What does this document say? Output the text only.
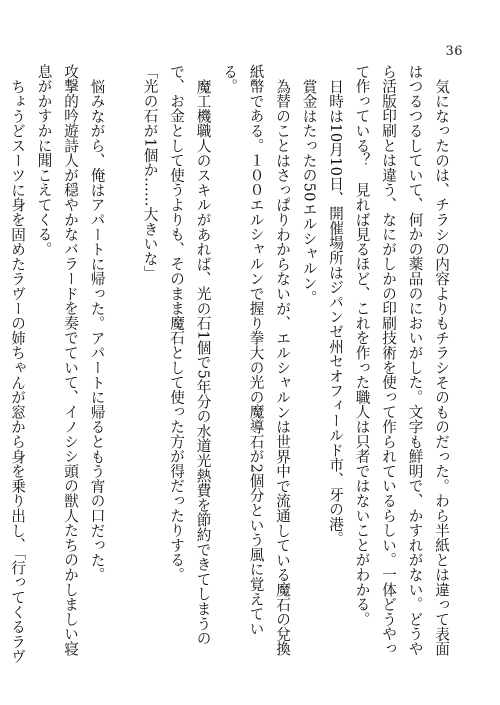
36

気になったのは、チラシの内容よりもチラシそのものだった。わら半紙とは違って表面はつるつるしていて、何かの薬品のにおいがした。文字も鮮明で、かすれがない。どうやら活版印刷とは違う、なにがしかの印刷技術を使って作られているらしい。一体どうやって作っている？　見れば見るほど、これを作った職人は只者ではないことがわかる。

日時は10月10日、開催場所はジパンゼ州セオフィールド市、牙の港。

賞金はたったの50エルシャルン。

為替のことはさっぱりわからないが、エルシャルンは世界中で流通している魔石の兌換紙幣である。１００エルシャルンで握り拳大の光の魔導石が2個分という風に覚えている。

魔工機職人のスキルがあれば、光の石1個で5年分の水道光熱費を節約できてしまうので、お金として使うよりも、そのまま魔石として使った方が得だったりする。

「光の石が1個か……大きいな」

悩みながら、俺はアパートに帰った。アパートに帰るともう宵の口だった。

攻撃的吟遊詩人が穏やかなバラードを奏でていて、イノシシ頭の獣人たちのかしましい寝息がかすかに聞こえてくる。

ちょうどスーツに身を固めたラヴーの姉ちゃんが窓から身を乗り出し、「行ってくるラヴ
